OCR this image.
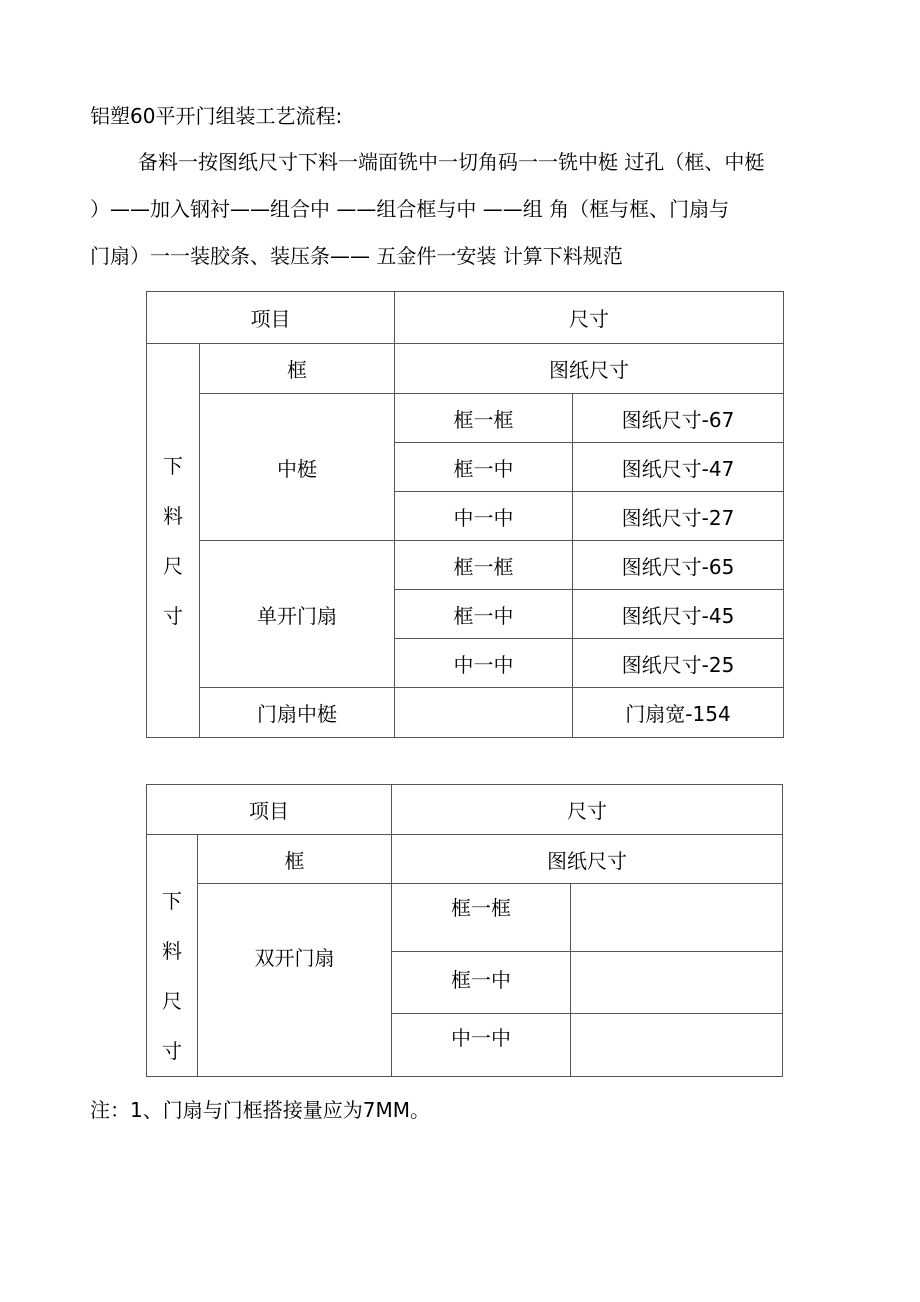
铝塑60平开门组装工艺流程:
备料一按图纸尺寸下料一端面铣中一切角码一一铣中梃 过孔（框、中梃
）——加入钢衬——组合中 ——组合框与中 ——组 角（框与框、门扇与
门扇）一一装胶条、装压条—— 五金件一安装 计算下料规范
项目		尺寸	

下
料
尺
寸	框	图纸尺寸	
	中梃	框一框	图纸尺寸-67
		框一中	图纸尺寸-47
		中一中	图纸尺寸-27
	单开门扇	框一框	图纸尺寸-65
		框一中	图纸尺寸-45
		中一中	图纸尺寸-25
	门扇中梃		门扇宽-154
项目		尺寸	

下
料
尺
寸	框	图纸尺寸	
	双开门扇	框一框	
		框一中	
		中一中	
注：1、门扇与门框搭接量应为7MM。
